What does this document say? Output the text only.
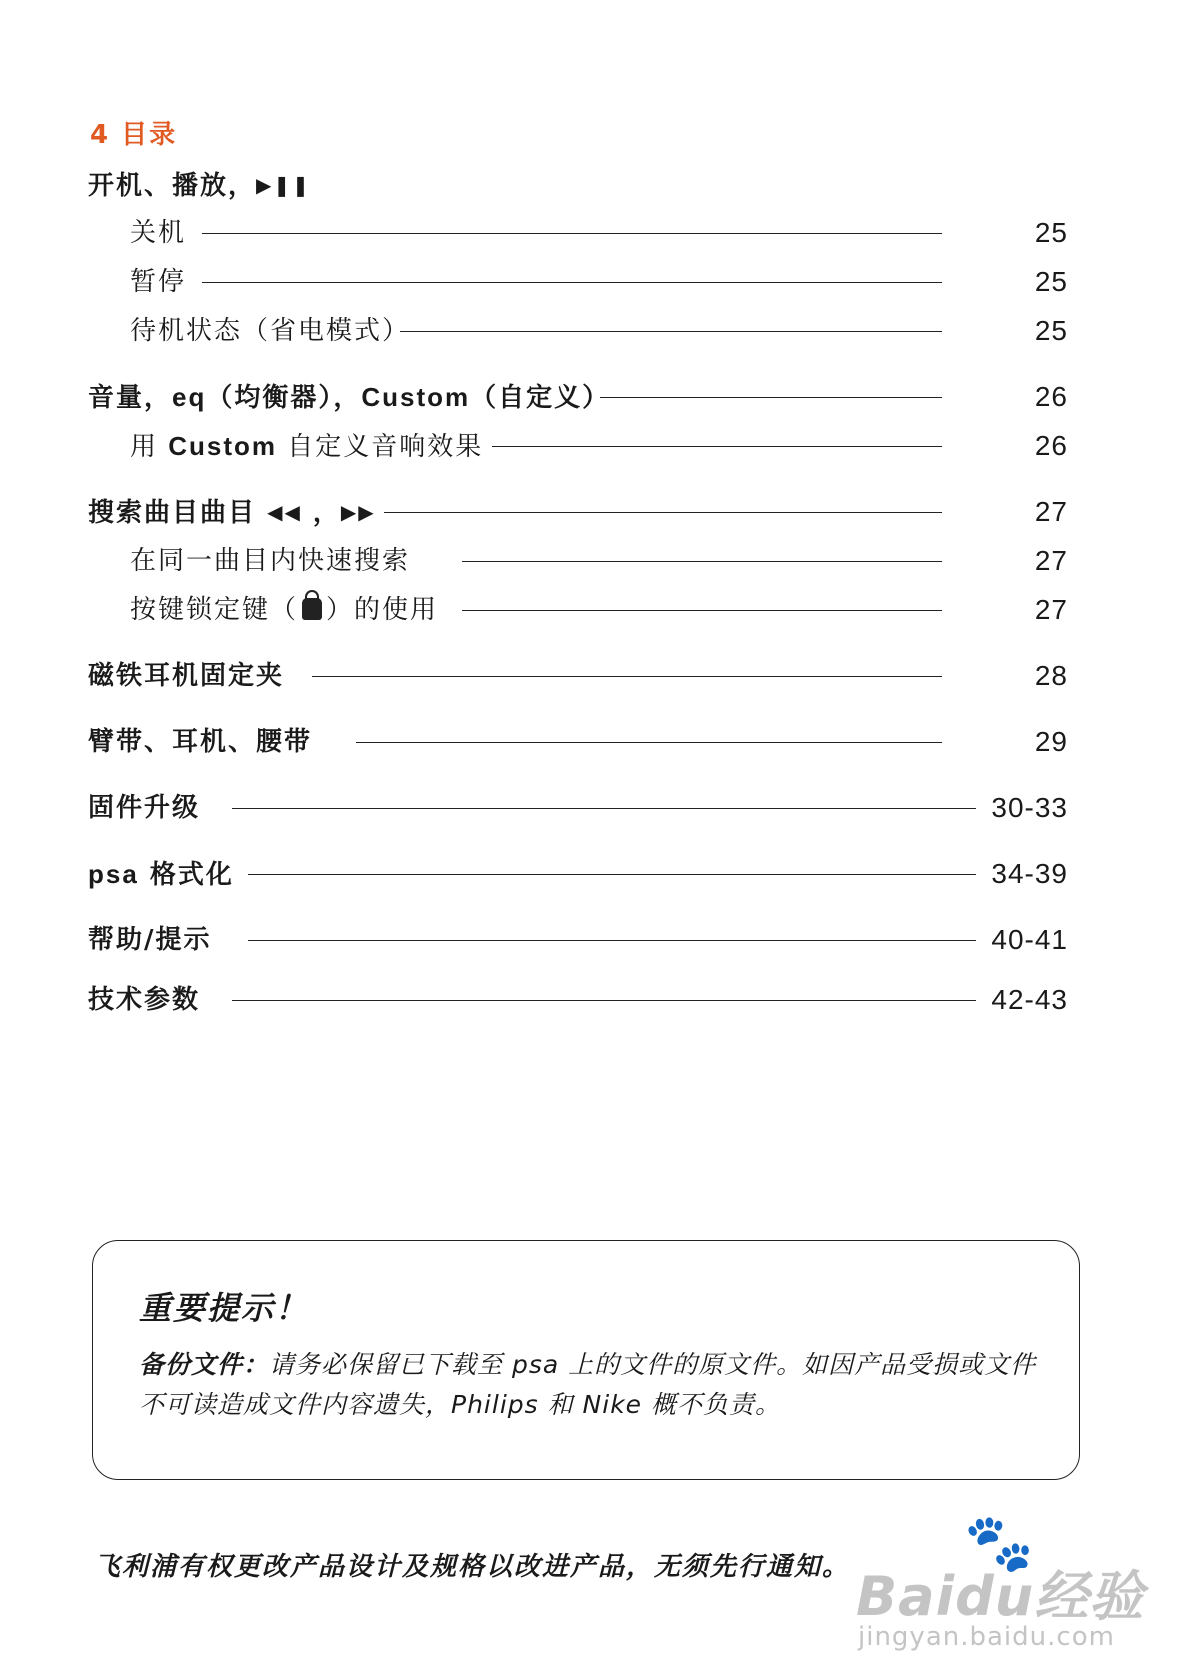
4 目录
开机、播放，▶❚❚
关机	25
暂停	25
待机状态（省电模式）	25
音量，eq（均衡器），Custom（自定义）	26
用 Custom 自定义音响效果	26
搜索曲目曲目 ◀◀ ，▶▶	27
在同一曲目内快速搜索	27
按键锁定键（ ）的使用	27
磁铁耳机固定夹	28
臂带、耳机、腰带	29
固件升级	30-33
psa 格式化	34-39
帮助/提示	40-41
技术参数	42-43
重要提示！
备份文件：请务必保留已下载至 psa 上的文件的原文件。如因产品受损或文件不可读造成文件内容遗失，Philips 和 Nike 概不负责。
飞利浦有权更改产品设计及规格以改进产品，无须先行通知。 🐾
Baidu经验
jingyan.baidu.com
